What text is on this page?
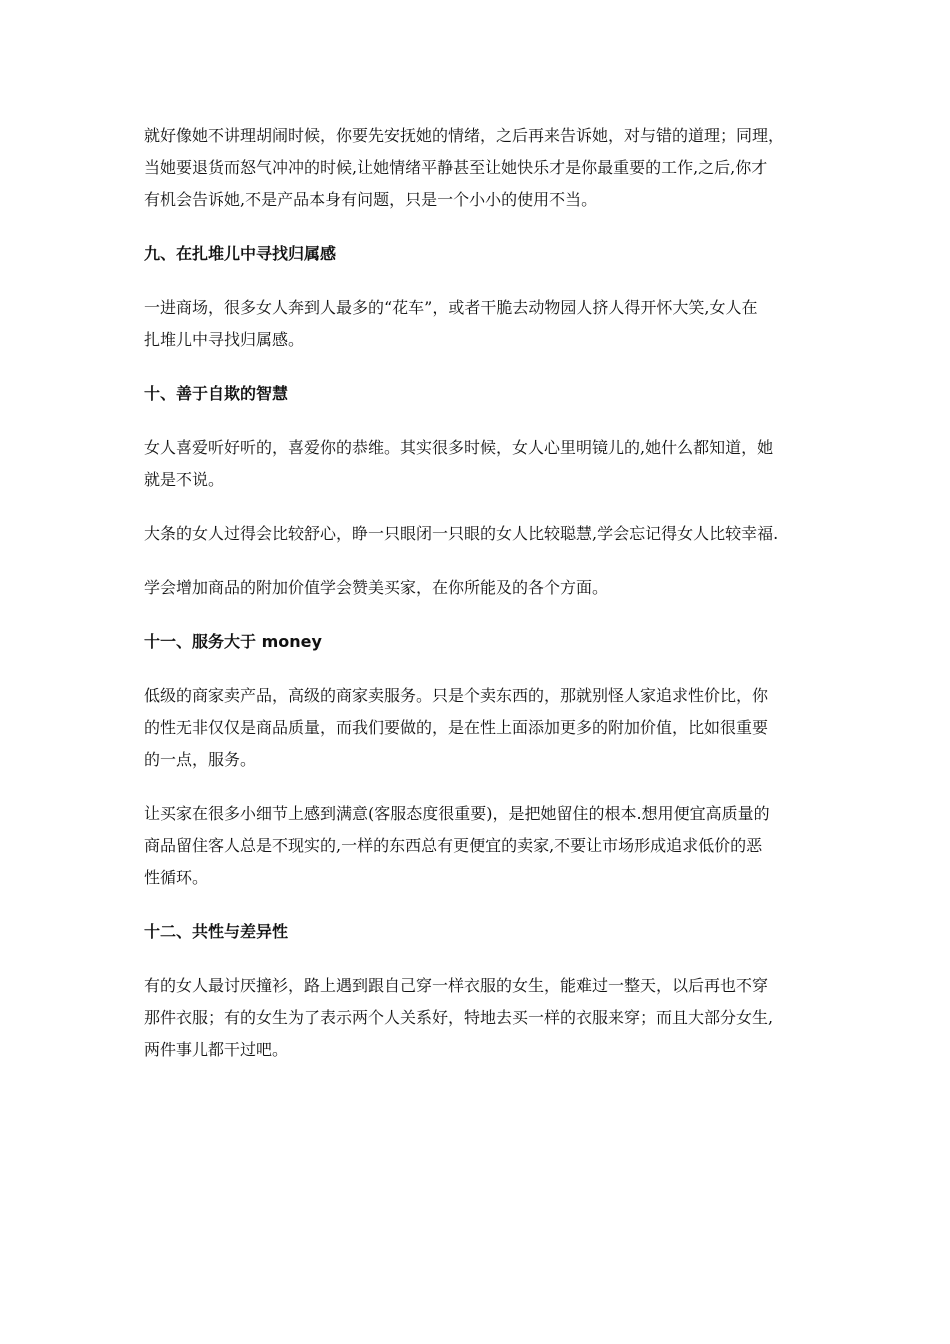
就好像她不讲理胡闹时候，你要先安抚她的情绪，之后再来告诉她，对与错的道理；同理，
当她要退货而怒气冲冲的时候,让她情绪平静甚至让她快乐才是你最重要的工作,之后,你才
有机会告诉她,不是产品本身有问题，只是一个小小的使用不当。

九、在扎堆儿中寻找归属感

一进商场，很多女人奔到人最多的“花车”，或者干脆去动物园人挤人得开怀大笑,女人在
扎堆儿中寻找归属感。

十、善于自欺的智慧

女人喜爱听好听的，喜爱你的恭维。其实很多时候，女人心里明镜儿的,她什么都知道，她
就是不说。

大条的女人过得会比较舒心，睁一只眼闭一只眼的女人比较聪慧,学会忘记得女人比较幸福.

学会增加商品的附加价值学会赞美买家，在你所能及的各个方面。

十一、服务大于 money

低级的商家卖产品，高级的商家卖服务。只是个卖东西的，那就别怪人家追求性价比，你
的性无非仅仅是商品质量，而我们要做的，是在性上面添加更多的附加价值，比如很重要
的一点，服务。

让买家在很多小细节上感到满意(客服态度很重要)，是把她留住的根本.想用便宜高质量的
商品留住客人总是不现实的,一样的东西总有更便宜的卖家,不要让市场形成追求低价的恶
性循环。

十二、共性与差异性

有的女人最讨厌撞衫，路上遇到跟自己穿一样衣服的女生，能难过一整天，以后再也不穿
那件衣服；有的女生为了表示两个人关系好，特地去买一样的衣服来穿；而且大部分女生,
两件事儿都干过吧。
